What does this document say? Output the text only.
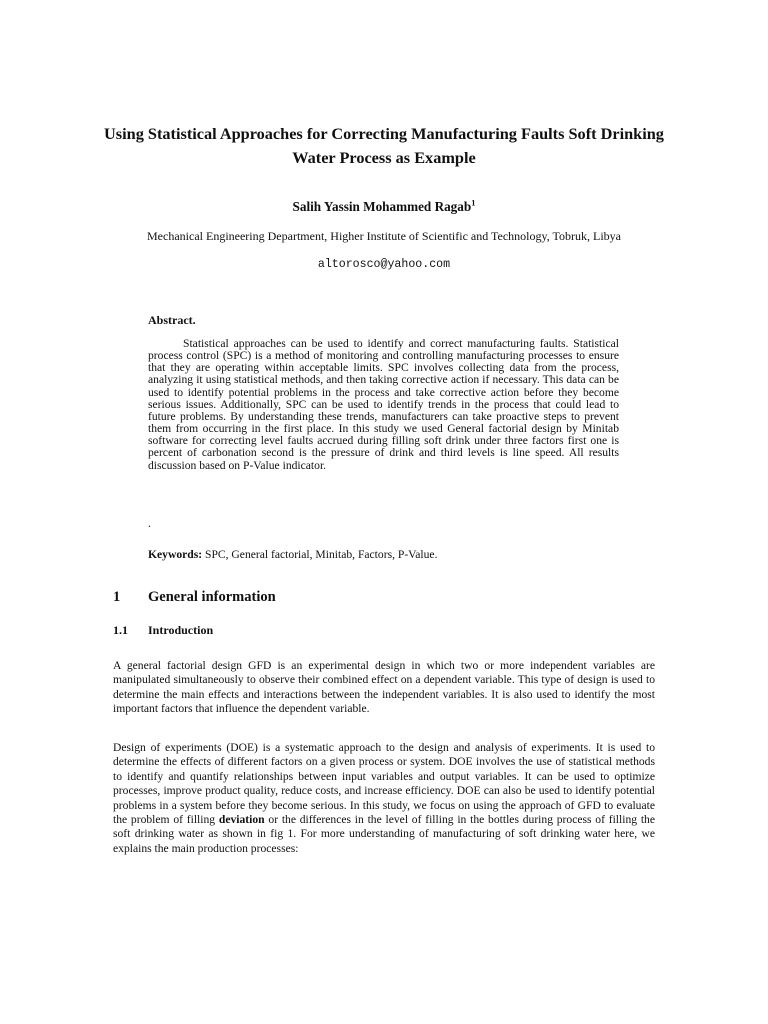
Using Statistical Approaches for Correcting Manufacturing Faults Soft Drinking Water Process as Example
Salih Yassin Mohammed Ragab$^1$
Mechanical Engineering Department, Higher Institute of Scientific and Technology, Tobruk, Libya
altorosco@yahoo.com
Abstract.
Statistical approaches can be used to identify and correct manufacturing faults. Statistical process control (SPC) is a method of monitoring and controlling manufacturing processes to ensure that they are operating within acceptable limits. SPC involves collecting data from the process, analyzing it using statistical methods, and then taking corrective action if necessary. This data can be used to identify potential problems in the process and take corrective action before they become serious issues. Additionally, SPC can be used to identify trends in the process that could lead to future problems. By understanding these trends, manufacturers can take proactive steps to prevent them from occurring in the first place. In this study we used General factorial design by Minitab software for correcting level faults accrued during filling soft drink under three factors first one is percent of carbonation second is the pressure of drink and third levels is line speed. All results discussion based on P-Value indicator.
.
Keywords: SPC, General factorial, Minitab, Factors, P-Value.
1 General information
1.1 Introduction
A general factorial design GFD is an experimental design in which two or more independent variables are manipulated simultaneously to observe their combined effect on a dependent variable. This type of design is used to determine the main effects and interactions between the independent variables. It is also used to identify the most important factors that influence the dependent variable.
Design of experiments (DOE) is a systematic approach to the design and analysis of experiments. It is used to determine the effects of different factors on a given process or system. DOE involves the use of statistical methods to identify and quantify relationships between input variables and output variables. It can be used to optimize processes, improve product quality, reduce costs, and increase efficiency. DOE can also be used to identify potential problems in a system before they become serious. In this study, we focus on using the approach of GFD to evaluate the problem of filling deviation or the differences in the level of filling in the bottles during process of filling the soft drinking water as shown in fig 1. For more understanding of manufacturing of soft drinking water here, we explains the main production processes:
